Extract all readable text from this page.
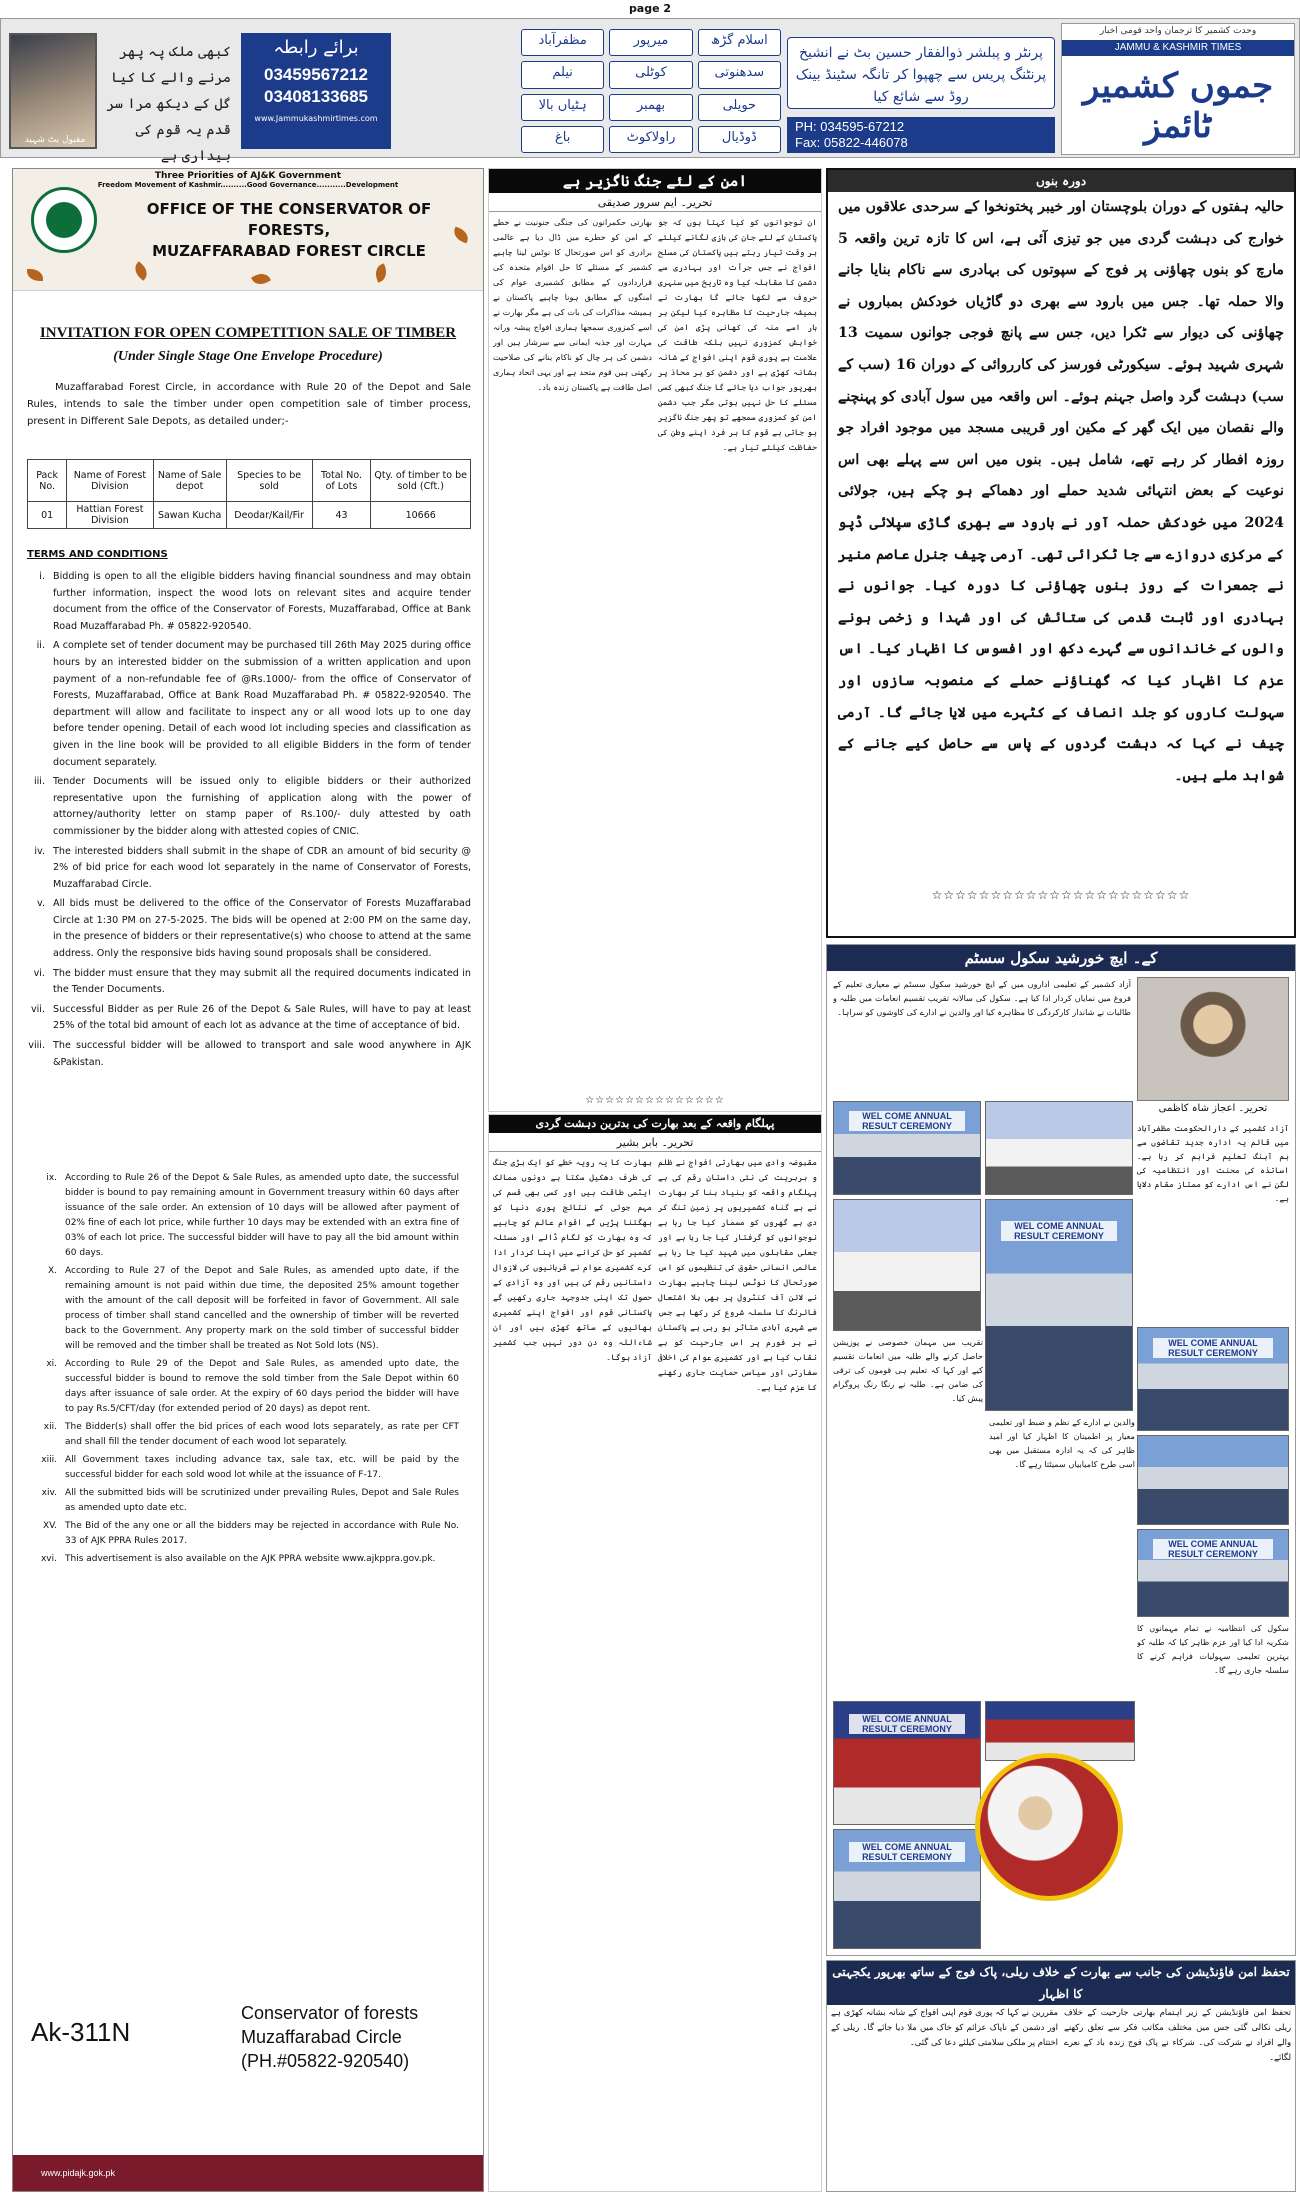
page 2
مقبول بٹ شہید
کبھی ملک پہ پھر مرنے والے کا کیا گل کے دیکھ مرا سر قدم یہ قوم کی بیداری ہے
برائے رابطہ
03459567212
03408133685
www.Jammukashmirtimes.com
مظفرآباد	میرپور	اسلام گڑھ
نیلم	کوٹلی	سدھنوتی
ہٹیاں بالا	بھمبر	حویلی
باغ	راولاکوٹ	ڈوڈیال
پرنٹر و پبلشر ذوالفقار حسین بٹ نے انشیخ پرنٹنگ پریس سے چھپوا کر تانگہ سٹینڈ بینک روڈ سے شائع کیا
PH: 034595-67212
Fax: 05822-446078
وحدت کشمیر کا ترجمان واحد قومی اخبار
JAMMU & KASHMIR TIMES
جموں کشمیر ٹائمز
Three Priorities of AJ&K Government
Freedom Movement of Kashmir..........Good Governance...........Development
OFFICE OF THE CONSERVATOR OF FORESTS,
MUZAFFARABAD FOREST CIRCLE
INVITATION FOR OPEN COMPETITION SALE OF TIMBER
(Under Single Stage One Envelope Procedure)
Muzaffarabad Forest Circle, in accordance with Rule 20 of the Depot and Sale Rules, intends to sale the timber under open competition sale of timber process, present in Different Sale Depots, as detailed under;-
Pack No.	Name of Forest Division	Name of Sale depot	Species to be sold	Total No. of Lots	Qty. of timber to be sold (Cft.)
01	Hattian Forest Division	Sawan Kucha	Deodar/Kail/Fir	43	10666
TERMS AND CONDITIONS
i. Bidding is open to all the eligible bidders having financial soundness and may obtain further information, inspect the wood lots on relevant sites and acquire tender document from the office of the Conservator of Forests, Muzaffarabad, Office at Bank Road Muzaffarabad Ph. # 05822-920540.
ii. A complete set of tender document may be purchased till 26th May 2025 during office hours by an interested bidder on the submission of a written application and upon payment of a non-refundable fee of @Rs.1000/- from the office of Conservator of Forests, Muzaffarabad, Office at Bank Road Muzaffarabad Ph. # 05822-920540. The department will allow and facilitate to inspect any or all wood lots up to one day before tender opening. Detail of each wood lot including species and classification as given in the line book will be provided to all eligible Bidders in the form of tender document separately.
iii. Tender Documents will be issued only to eligible bidders or their authorized representative upon the furnishing of application along with the power of attorney/authority letter on stamp paper of Rs.100/- duly attested by oath commissioner by the bidder along with attested copies of CNIC.
iv. The interested bidders shall submit in the shape of CDR an amount of bid security @ 2% of bid price for each wood lot separately in the name of Conservator of Forests, Muzaffarabad Circle.
v. All bids must be delivered to the office of the Conservator of Forests Muzaffarabad Circle at 1:30 PM on 27-5-2025. The bids will be opened at 2:00 PM on the same day, in the presence of bidders or their representative(s) who choose to attend at the same address. Only the responsive bids having sound proposals shall be considered.
vi. The bidder must ensure that they may submit all the required documents indicated in the Tender Documents.
vii. Successful Bidder as per Rule 26 of the Depot & Sale Rules, will have to pay at least 25% of the total bid amount of each lot as advance at the time of acceptance of bid.
viii. The successful bidder will be allowed to transport and sale wood anywhere in AJK &Pakistan.
ix. According to Rule 26 of the Depot & Sale Rules, as amended upto date, the successful bidder is bound to pay remaining amount in Government treasury within 60 days after issuance of the sale order. An extension of 10 days will be allowed after payment of 02% fine of each lot price, while further 10 days may be extended with an extra fine of 03% of each lot price. The successful bidder will have to pay all the bid amount within 60 days.
X. According to Rule 27 of the Depot and Sale Rules, as amended upto date, if the remaining amount is not paid within due time, the deposited 25% amount together with the amount of the call deposit will be forfeited in favor of Government. All sale process of timber shall stand cancelled and the ownership of timber will be reverted back to the Government. Any property mark on the sold timber of successful bidder will be removed and the timber shall be treated as Not Sold lots (NS).
xi. According to Rule 29 of the Depot and Sale Rules, as amended upto date, the successful bidder is bound to remove the sold timber from the Sale Depot within 60 days after issuance of sale order. At the expiry of 60 days period the bidder will have to pay Rs.5/CFT/day (for extended period of 20 days) as depot rent.
xii. The Bidder(s) shall offer the bid prices of each wood lots separately, as rate per CFT and shall fill the tender document of each wood lot separately.
xiii. All Government taxes including advance tax, sale tax, etc. will be paid by the successful bidder for each sold wood lot while at the issuance of F-17.
xiv. All the submitted bids will be scrutinized under prevailing Rules, Depot and Sale Rules as amended upto date etc.
XV. The Bid of the any one or all the bidders may be rejected in accordance with Rule No. 33 of AJK PPRA Rules 2017.
xvi. This advertisement is also available on the AJK PPRA website www.ajkppra.gov.pk.
Ak-311N
Conservator of forests
Muzaffarabad Circle
(PH.#05822-920540)
www.pidajk.gok.pk
امن کے لئے جنگ ناگزیر ہے
تحریر۔ ایم سرور صدیقی
ان نوجوانوں کو کیا کہتا ہوں کہ جو پاکستان کے لئے جان کی بازی لگانے کیلئے ہر وقت تیار رہتے ہیں پاکستان کی مسلح افواج نے جس جرأت اور بہادری سے دشمن کا مقابلہ کیا وہ تاریخ میں سنہری حروف سے لکھا جائے گا بھارت نے ہمیشہ جارحیت کا مظاہرہ کیا لیکن ہر بار اسے منہ کی کھانی پڑی امن کی خواہش کمزوری نہیں بلکہ طاقت کی علامت ہے پوری قوم اپنی افواج کے شانہ بشانہ کھڑی ہے اور دشمن کو ہر محاذ پر بھرپور جواب دیا جائے گا جنگ کبھی کسی مسئلے کا حل نہیں ہوتی مگر جب دشمن امن کو کمزوری سمجھے تو پھر جنگ ناگزیر ہو جاتی ہے قوم کا ہر فرد اپنے وطن کی حفاظت کیلئے تیار ہے۔
بھارتی حکمرانوں کی جنگی جنونیت نے خطے کے امن کو خطرے میں ڈال دیا ہے عالمی برادری کو اس صورتحال کا نوٹس لینا چاہیے کشمیر کے مسئلے کا حل اقوام متحدہ کی قراردادوں کے مطابق کشمیری عوام کی امنگوں کے مطابق ہونا چاہیے پاکستان نے ہمیشہ مذاکرات کی بات کی ہے مگر بھارت نے اسے کمزوری سمجھا ہماری افواج پیشہ ورانہ مہارت اور جذبہ ایمانی سے سرشار ہیں اور دشمن کی ہر چال کو ناکام بنانے کی صلاحیت رکھتی ہیں قوم متحد ہے اور یہی اتحاد ہماری اصل طاقت ہے پاکستان زندہ باد۔
☆☆☆☆☆☆☆☆☆☆☆☆☆☆
پہلگام واقعہ کے بعد بھارت کی بدترین دہشت گردی
تحریر۔ بابر بشیر
مقبوضہ وادی میں بھارتی افواج نے ظلم و بربریت کی نئی داستان رقم کی ہے پہلگام واقعہ کو بنیاد بنا کر بھارت نے بے گناہ کشمیریوں پر زمین تنگ کر دی ہے گھروں کو مسمار کیا جا رہا ہے نوجوانوں کو گرفتار کیا جا رہا ہے اور جعلی مقابلوں میں شہید کیا جا رہا ہے عالمی انسانی حقوق کی تنظیموں کو اس صورتحال کا نوٹس لینا چاہیے بھارت نے لائن آف کنٹرول پر بھی بلا اشتعال فائرنگ کا سلسلہ شروع کر رکھا ہے جس سے شہری آبادی متاثر ہو رہی ہے پاکستان نے ہر فورم پر اس جارحیت کو بے نقاب کیا ہے اور کشمیری عوام کی اخلاقی سفارتی اور سیاسی حمایت جاری رکھنے کا عزم کیا ہے۔
بھارت کا یہ رویہ خطے کو ایک بڑی جنگ کی طرف دھکیل سکتا ہے دونوں ممالک ایٹمی طاقت ہیں اور کسی بھی قسم کی مہم جوئی کے نتائج پوری دنیا کو بھگتنا پڑیں گے اقوام عالم کو چاہیے کہ وہ بھارت کو لگام ڈالے اور مسئلہ کشمیر کو حل کرانے میں اپنا کردار ادا کرے کشمیری عوام نے قربانیوں کی لازوال داستانیں رقم کی ہیں اور وہ آزادی کے حصول تک اپنی جدوجہد جاری رکھیں گے پاکستانی قوم اور افواج اپنے کشمیری بھائیوں کے ساتھ کھڑی ہیں اور ان شاءاللہ وہ دن دور نہیں جب کشمیر آزاد ہوگا۔
دورہ بنوں
حالیہ ہفتوں کے دوران بلوچستان اور خیبر پختونخوا کے سرحدی علاقوں میں خوارج کی دہشت گردی میں جو تیزی آئی ہے، اس کا تازہ ترین واقعہ 5 مارچ کو بنوں چھاؤنی پر فوج کے سپوتوں کی بہادری سے ناکام بنایا جانے والا حملہ تھا۔ جس میں بارود سے بھری دو گاڑیاں خودکش بمباروں نے چھاؤنی کی دیوار سے ٹکرا دیں، جس سے پانچ فوجی جوانوں سمیت 13 شہری شہید ہوئے۔ سیکورٹی فورسز کی کارروائی کے دوران 16 (سب کے سب) دہشت گرد واصل جہنم ہوئے۔ اس واقعہ میں سول آبادی کو پہنچنے والے نقصان میں ایک گھر کے مکین اور قریبی مسجد میں موجود افراد جو روزہ افطار کر رہے تھے، شامل ہیں۔ بنوں میں اس سے پہلے بھی اس نوعیت کے بعض انتہائی شدید حملے اور دھماکے ہو چکے ہیں، جولائی 2024 میں خودکش حملہ آور نے بارود سے بھری گاڑی سپلائی ڈپو کے مرکزی دروازے سے جا ٹکرائی تھی۔ آرمی چیف جنرل عاصم منیر نے جمعرات کے روز بنوں چھاؤنی کا دورہ کیا۔ جوانوں نے بہادری اور ثابت قدمی کی ستائش کی اور شہدا و زخمی ہونے والوں کے خاندانوں سے گہرے دکھ اور افسوس کا اظہار کیا۔ اس عزم کا اظہار کیا کہ گھناؤنے حملے کے منصوبہ سازوں اور سہولت کاروں کو جلد انصاف کے کٹہرے میں لایا جائے گا۔ آرمی چیف نے کہا کہ دہشت گردوں کے پاس سے حاصل کیے جانے کے شواہد ملے ہیں۔
☆☆☆☆☆☆☆☆☆☆☆☆☆☆☆☆☆☆☆☆☆☆
کے۔ ایچ خورشید سکول سسٹم
تحریر۔ اعجاز شاہ کاظمی
آزاد کشمیر کے تعلیمی اداروں میں کے ایچ خورشید سکول سسٹم نے معیاری تعلیم کے فروغ میں نمایاں کردار ادا کیا ہے۔ سکول کی سالانہ تقریب تقسیم انعامات میں طلبہ و طالبات نے شاندار کارکردگی کا مظاہرہ کیا اور والدین نے ادارے کی کاوشوں کو سراہا۔
آزاد کشمیر کے دارالحکومت مظفرآباد میں قائم یہ ادارہ جدید تقاضوں سے ہم آہنگ تعلیم فراہم کر رہا ہے۔ اساتذہ کی محنت اور انتظامیہ کی لگن نے اس ادارے کو ممتاز مقام دلایا ہے۔
WEL COME ANNUAL RESULT CEREMONY
WEL COME ANNUAL RESULT CEREMONY
تقریب میں مہمان خصوصی نے پوزیشن حاصل کرنے والے طلبہ میں انعامات تقسیم کیے اور کہا کہ تعلیم ہی قوموں کی ترقی کی ضامن ہے۔ طلبہ نے رنگا رنگ پروگرام پیش کیا۔
والدین نے ادارے کے نظم و ضبط اور تعلیمی معیار پر اطمینان کا اظہار کیا اور امید ظاہر کی کہ یہ ادارہ مستقبل میں بھی اسی طرح کامیابیاں سمیٹتا رہے گا۔
WEL COME ANNUAL RESULT CEREMONY
WEL COME ANNUAL RESULT CEREMONY
سکول کی انتظامیہ نے تمام مہمانوں کا شکریہ ادا کیا اور عزم ظاہر کیا کہ طلبہ کو بہترین تعلیمی سہولیات فراہم کرنے کا سلسلہ جاری رہے گا۔
WEL COME ANNUAL RESULT CEREMONY
WEL COME ANNUAL RESULT CEREMONY
تحفظ امن فاؤنڈیشن کی جانب سے بھارت کے خلاف ریلی، پاک فوج کے ساتھ بھرپور یکجہتی کا اظہار
تحفظ امن فاؤنڈیشن کے زیر اہتمام بھارتی جارحیت کے خلاف ریلی نکالی گئی جس میں مختلف مکاتب فکر سے تعلق رکھنے والے افراد نے شرکت کی۔ شرکاء نے پاک فوج زندہ باد کے نعرے لگائے۔
مقررین نے کہا کہ پوری قوم اپنی افواج کے شانہ بشانہ کھڑی ہے اور دشمن کے ناپاک عزائم کو خاک میں ملا دیا جائے گا۔ ریلی کے اختتام پر ملکی سلامتی کیلئے دعا کی گئی۔
